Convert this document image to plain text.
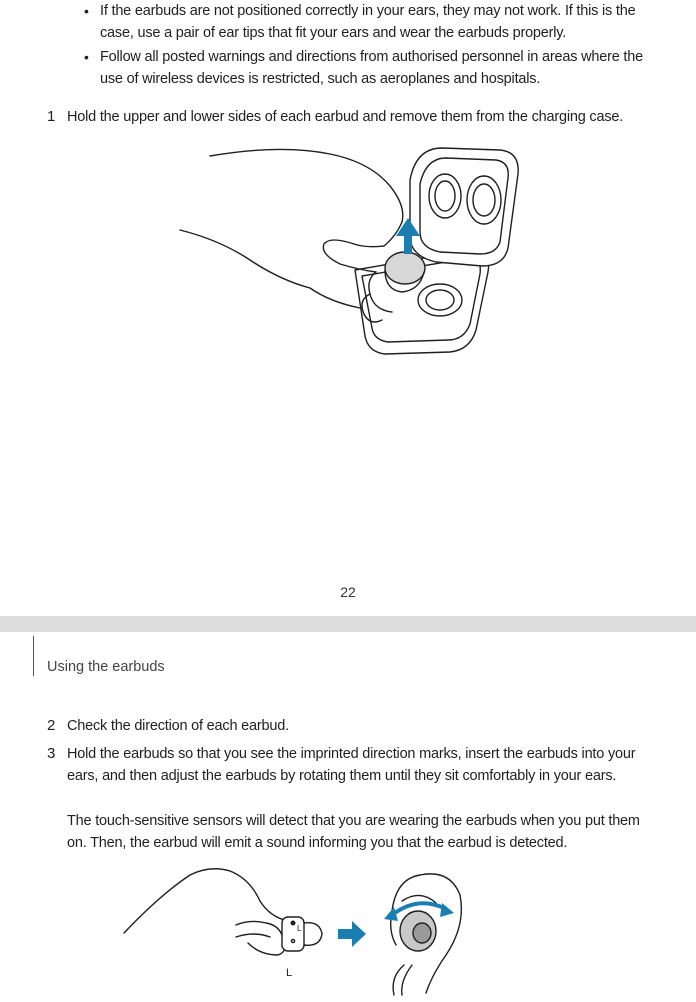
• If the earbuds are not positioned correctly in your ears, they may not work. If this is the case, use a pair of ear tips that fit your ears and wear the earbuds properly.
• Follow all posted warnings and directions from authorised personnel in areas where the use of wireless devices is restricted, such as aeroplanes and hospitals.
1 Hold the upper and lower sides of each earbud and remove them from the charging case.
22
Using the earbuds
2 Check the direction of each earbud.
3 Hold the earbuds so that you see the imprinted direction marks, insert the earbuds into your ears, and then adjust the earbuds by rotating them until they sit comfortably in your ears.
The touch-sensitive sensors will detect that you are wearing the earbuds when you put them on. Then, the earbud will emit a sound informing you that the earbud is detected.
L
L
